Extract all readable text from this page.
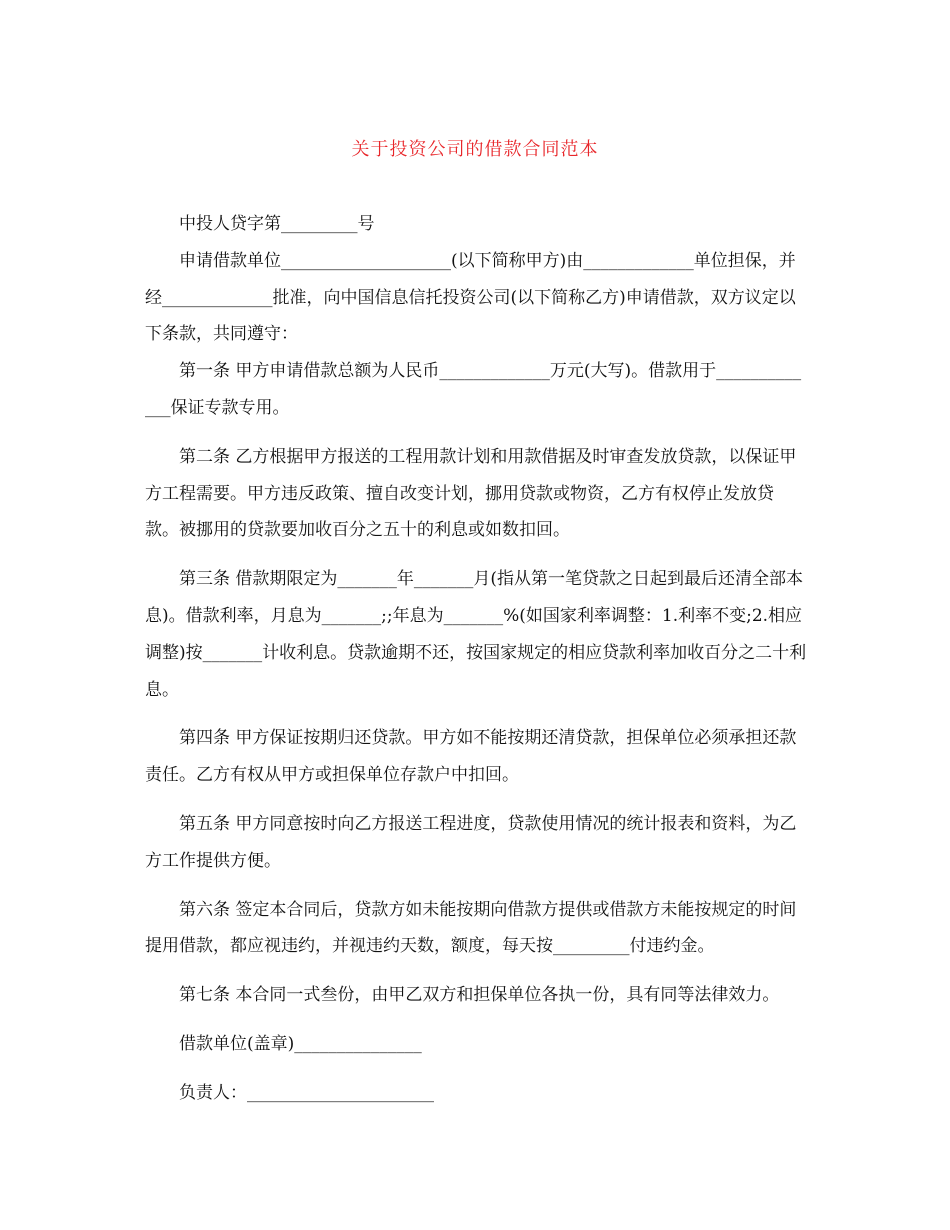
关于投资公司的借款合同范本

中投人贷字第_________号

申请借款单位____________________(以下简称甲方)由_____________单位担保，并经_____________批准，向中国信息信托投资公司(以下简称乙方)申请借款，双方议定以下条款，共同遵守：

第一条 甲方申请借款总额为人民币_____________万元(大写)。借款用于_____________保证专款专用。

第二条 乙方根据甲方报送的工程用款计划和用款借据及时审查发放贷款，以保证甲方工程需要。甲方违反政策、擅自改变计划，挪用贷款或物资，乙方有权停止发放贷款。被挪用的贷款要加收百分之五十的利息或如数扣回。

第三条 借款期限定为_______年_______月(指从第一笔贷款之日起到最后还清全部本息)。借款利率，月息为_______;;年息为_______%(如国家利率调整：1.利率不变;2.相应调整)按_______计收利息。贷款逾期不还，按国家规定的相应贷款利率加收百分之二十利息。

第四条 甲方保证按期归还贷款。甲方如不能按期还清贷款，担保单位必须承担还款责任。乙方有权从甲方或担保单位存款户中扣回。

第五条 甲方同意按时向乙方报送工程进度，贷款使用情况的统计报表和资料，为乙方工作提供方便。

第六条 签定本合同后，贷款方如未能按期向借款方提供或借款方未能按规定的时间提用借款，都应视违约，并视违约天数，额度，每天按_________付违约金。

第七条 本合同一式叁份，由甲乙双方和担保单位各执一份，具有同等法律效力。

借款单位(盖章)_______________

负责人：______________________
